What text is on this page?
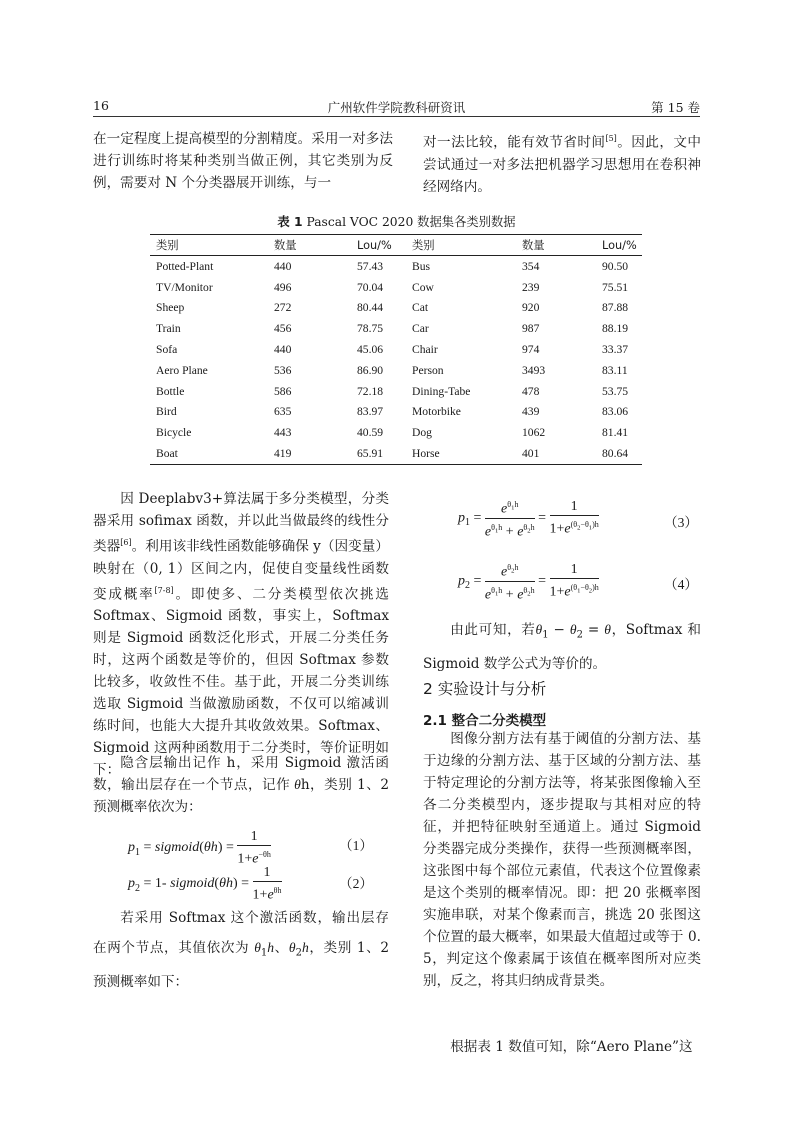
16	广州软件学院教科研资讯	第 15 卷

在一定程度上提高模型的分割精度。采用一对多法进行训练时将某种类别当做正例，其它类别为反例，需要对 N 个分类器展开训练，与一

对一法比较，能有效节省时间[5]。因此，文中尝试通过一对多法把机器学习思想用在卷积神经网络内。

表 1 Pascal VOC 2020 数据集各类别数据
类别	数量	Lou/%	类别	数量	Lou/%
Potted-Plant	440	57.43	Bus	354	90.50
TV/Monitor	496	70.04	Cow	239	75.51
Sheep	272	80.44	Cat	920	87.88
Train	456	78.75	Car	987	88.19
Sofa	440	45.06	Chair	974	33.37
Aero Plane	536	86.90	Person	3493	83.11
Bottle	586	72.18	Dining-Tabe	478	53.75
Bird	635	83.97	Motorbike	439	83.06
Bicycle	443	40.59	Dog	1062	81.41
Boat	419	65.91	Horse	401	80.64

因 Deeplabv3+算法属于多分类模型，分类器采用 sofimax 函数，并以此当做最终的线性分类器[6]。利用该非线性函数能够确保 y（因变量）映射在（0, 1）区间之内，促使自变量线性函数变成概率[7-8]。即使多、二分类模型依次挑选 Softmax、Sigmoid 函数，事实上，Softmax 则是 Sigmoid 函数泛化形式，开展二分类任务时，这两个函数是等价的，但因 Softmax 参数比较多，收敛性不佳。基于此，开展二分类训练选取 Sigmoid 当做激励函数，不仅可以缩减训练时间，也能大大提升其收敛效果。Softmax、Sigmoid 这两种函数用于二分类时，等价证明如下： 隐含层输出记作 h，采用 Sigmoid 激活函数，输出层存在一个节点，记作 θh，类别 1、2 预测概率依次为：

$p_1$ = sigmoid(θh) = $\frac{1}{1+e^{-\theta h}}$	（1）
$p_2 = 1-$ sigmoid(θh) = $\frac{1}{1+e^{\theta h}}$	（2）

若采用 Softmax 这个激活函数，输出层存在两个节点，其值依次为 $\theta_1h$、$\theta_2h$，类别 1、2 预测概率如下：

$p_1 = \frac{e^{\theta_1h}}{e^{\theta_1h} + e^{\theta_2h}} = \frac{1}{1+e^{(\theta_2-\theta_1)h}}$	（3）
$p_2 = \frac{e^{\theta_2h}}{e^{\theta_1h} + e^{\theta_2h}} = \frac{1}{1+e^{(\theta_1-\theta_2)h}}$	（4）

由此可知，若$\theta_1 - \theta_2 = \theta$，Softmax 和 Sigmoid 数学公式为等价的。

2 实验设计与分析
2.1 整合二分类模型

图像分割方法有基于阈值的分割方法、基于边缘的分割方法、基于区域的分割方法、基于特定理论的分割方法等，将某张图像输入至各二分类模型内，逐步提取与其相对应的特征，并把特征映射至通道上。通过 Sigmoid 分类器完成分类操作，获得一些预测概率图，这张图中每个部位元素值，代表这个位置像素是这个类别的概率情况。即：把 20 张概率图实施串联，对某个像素而言，挑选 20 张图这个位置的最大概率，如果最大值超过或等于 0. 5，判定这个像素属于该值在概率图所对应类别，反之，将其归纳成背景类。

根据表 1 数值可知，除“Aero Plane”这
